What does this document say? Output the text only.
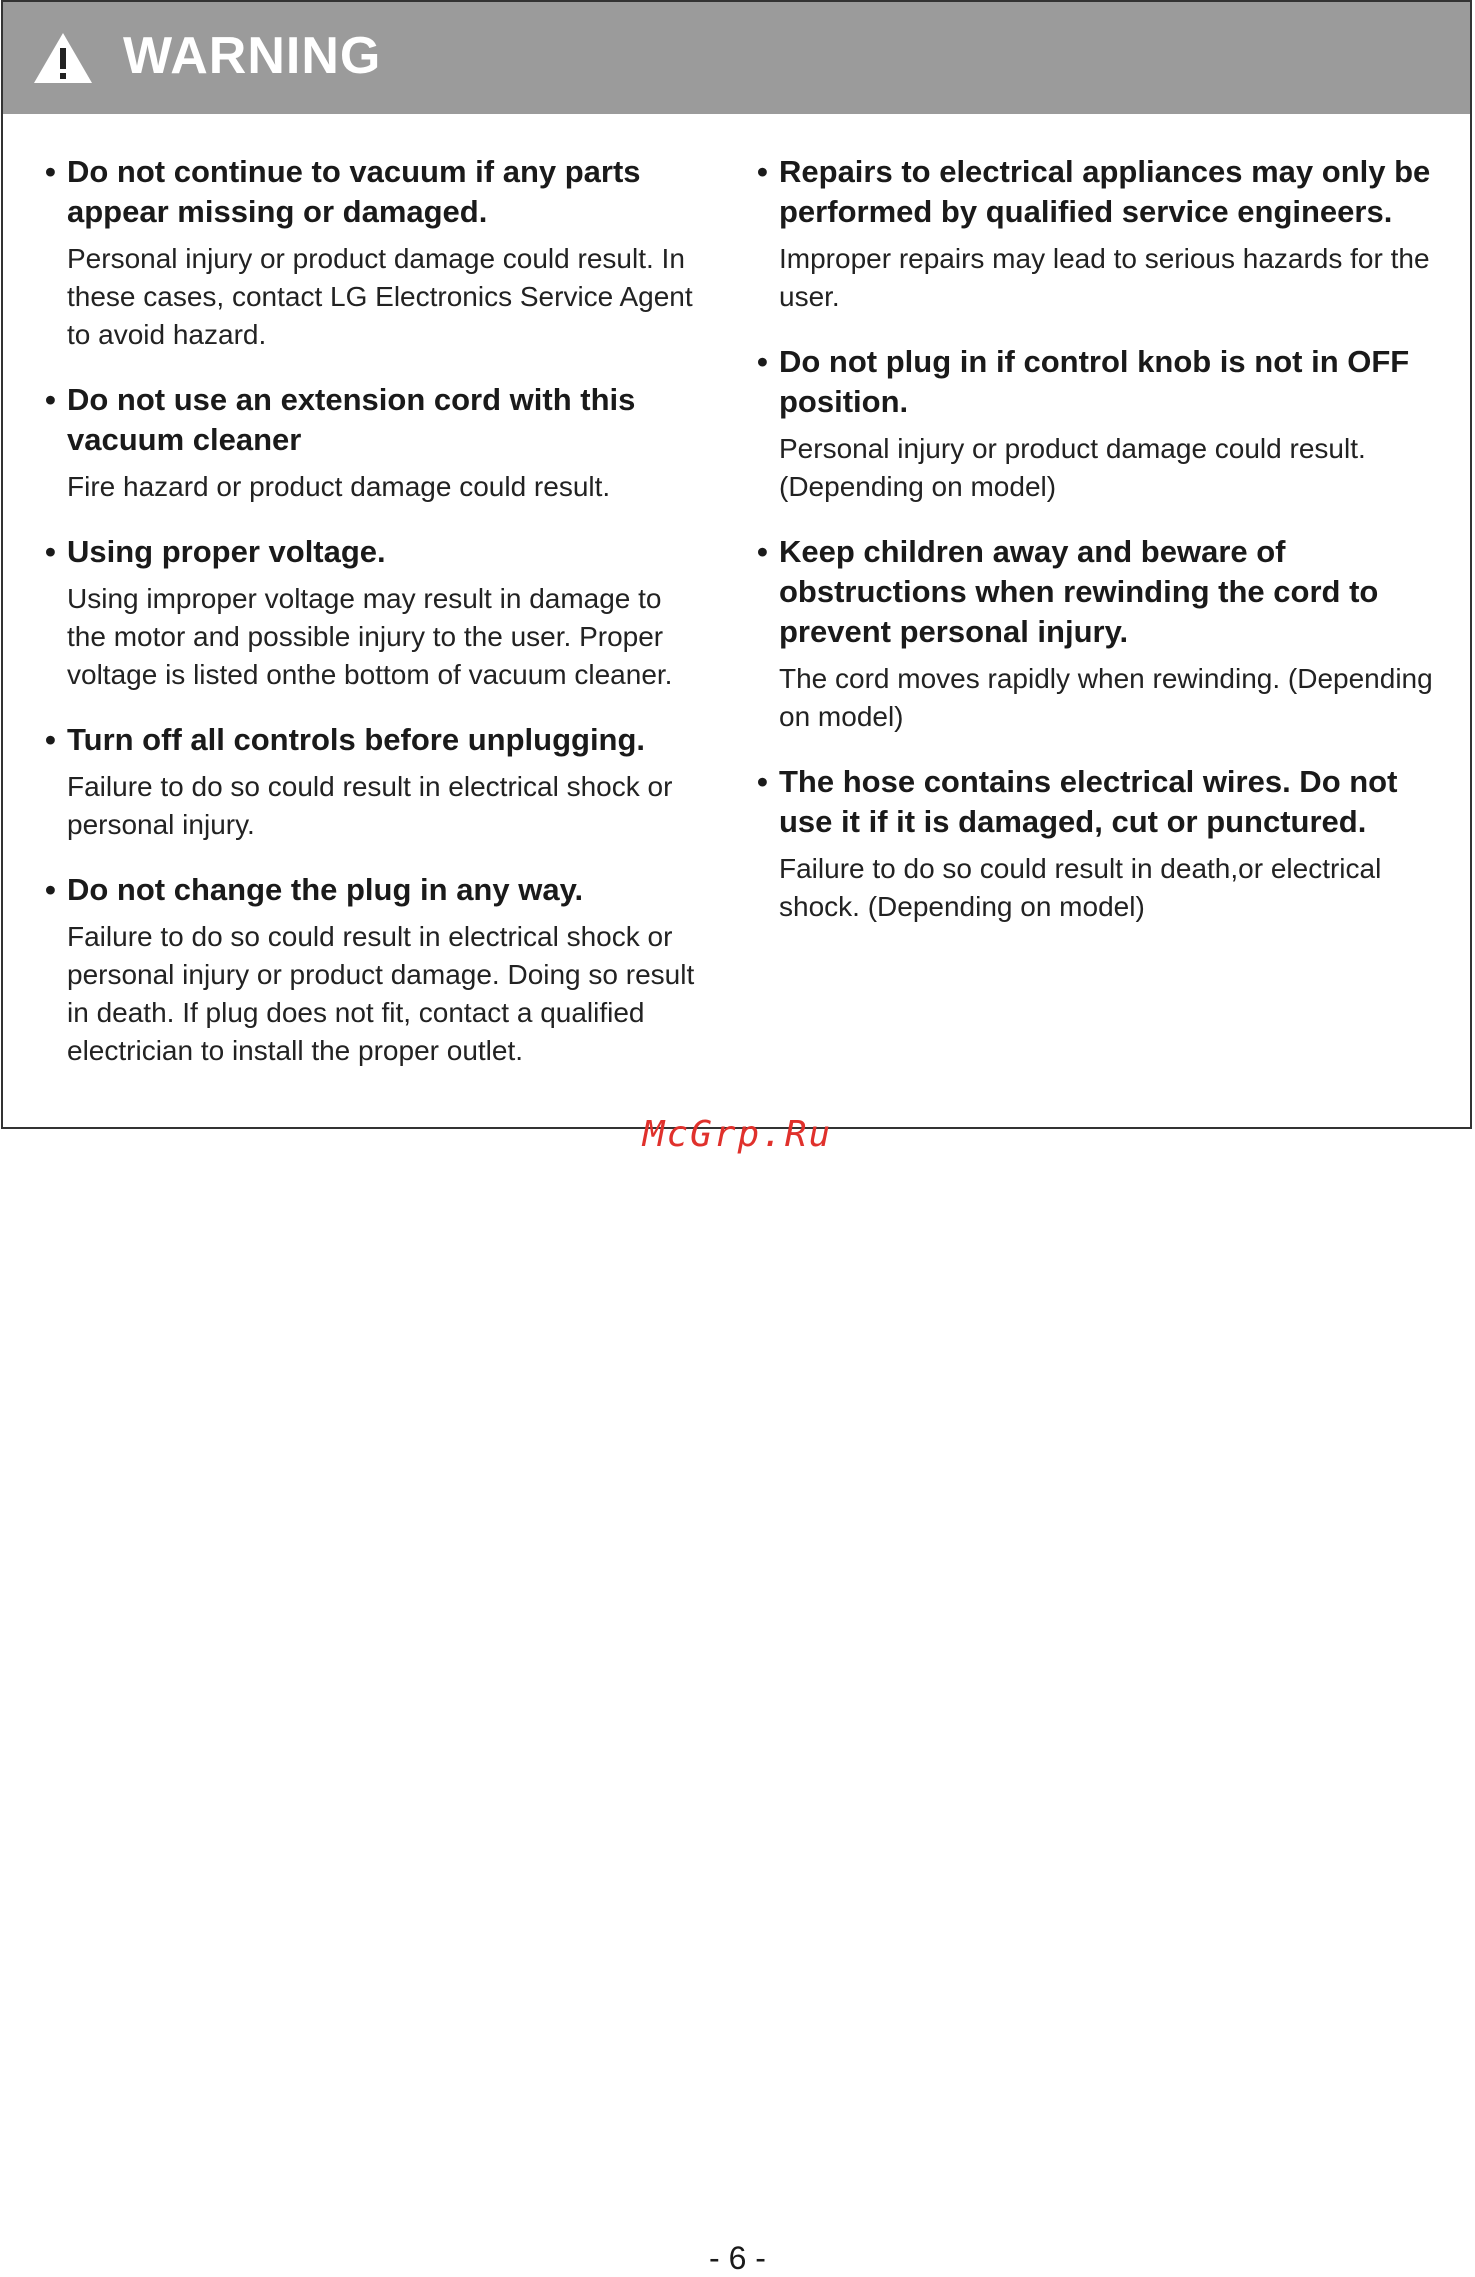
WARNING
• Do not continue to vacuum if any parts appear missing or damaged.

Personal injury or product damage could result. In these cases, contact LG Electronics Service Agent to avoid hazard.

• Do not use an extension cord with this vacuum cleaner

Fire hazard or product damage could result.

• Using proper voltage.

Using improper voltage may result in damage to the motor and possible injury to the user. Proper voltage is listed onthe bottom of vacuum cleaner.

• Turn off all controls before unplugging.

Failure to do so could result in electrical shock or personal injury.

• Do not change the plug in any way.

Failure to do so could result in electrical shock or personal injury or product damage. Doing so result in death. If plug does not fit, contact a qualified electrician to install the proper outlet.

• Repairs to electrical appliances may only be performed by qualified service engineers.

Improper repairs may lead to serious hazards for the user.

• Do not plug in if control knob is not in OFF position.

Personal injury or product damage could result. (Depending on model)

• Keep children away and beware of obstructions when rewinding the cord to prevent personal injury.

The cord moves rapidly when rewinding. (Depending on model)

• The hose contains electrical wires. Do not use it if it is damaged, cut or punctured.

Failure to do so could result in death,or electrical shock. (Depending on model)

McGrp.Ru
- 6 -
